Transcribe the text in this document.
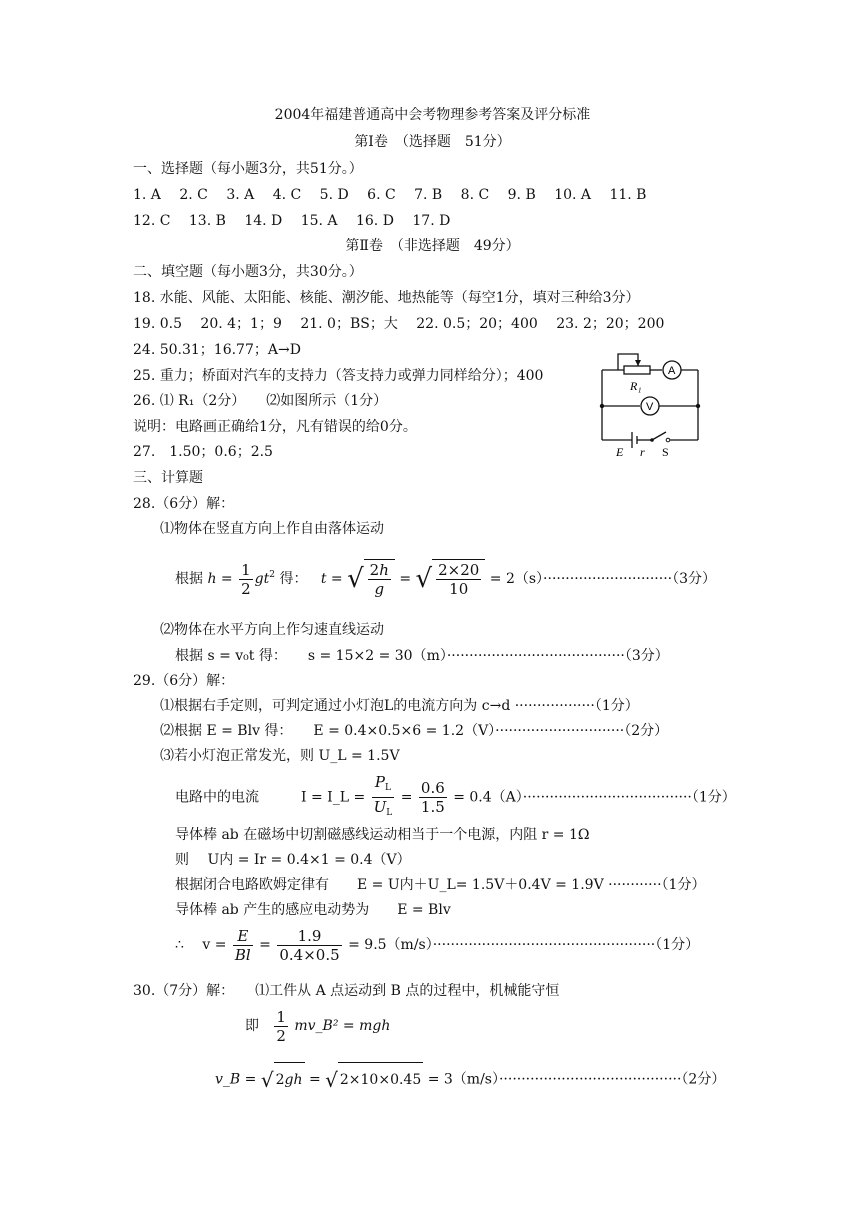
2004年福建普通高中会考物理参考答案及评分标准
第Ⅰ卷　（选择题　51分）
一、选择题（每小题3分，共51分。）
1. A　 2. C　 3. A　 4. C　 5. D　 6. C　 7. B　 8. C　 9. B　 10. A　 11. B
12. C　 13. B　 14. D　 15. A　 16. D　 17. D
第Ⅱ卷　（非选择题　49分）
二、填空题（每小题3分，共30分。）
18. 水能、风能、太阳能、核能、潮汐能、地热能等（每空1分，填对三种给3分）
19. 0.5　 20. 4；1；9　 21. 0；BS；大　 22. 0.5；20；400　 23. 2；20；200
24. 50.31；16.77；A→D
25. 重力；桥面对汽车的支持力（答支持力或弹力同样给分）；400
26. ⑴ R₁（2分）　　⑵如图所示（1分）
说明：电路画正确给1分，凡有错误的给0分。
27.　1.50；0.6；2.5
三、计算题
R₁
A
V
E r S
28.（6分）解：
⑴物体在竖直方向上作自由落体运动
根据 $h = \frac{1}{2} gt^2$ 得： t = √ $\frac{2h}{g}$ = √ $\frac{2\times 20}{10} = 2(s)\cdot\cdot\cdot\cdot\cdot\cdot\cdot\cdot\cdot\cdot\cdot\cdot\cdot\cdot\cdot\cdot\cdot\cdot\cdot\cdot\cdot\cdot\cdot\cdot\cdot\cdot\cdot\cdot\cdot(3$分）
⑵物体在水平方向上作匀速直线运动
根据 s = v₀t 得：　　s = 15×2 = 30（m）········································（3分）
29.（6分）解：
⑴根据右手定则，可判定通过小灯泡L的电流方向为 c→d ··················（1分）
⑵根据 E = Blv 得：　　E = 0.4×0.5×6 = 1.2（V）·····························（2分）
⑶若小灯泡正常发光，则 U_L = 1.5V
电路中的电流　　　I = I_L = $\frac{P_L}{U_L} = \frac{0.6}{1.5} = 0.4(A)\cdot\cdot\cdot\cdot\cdot\cdot\cdot\cdot\cdot\cdot\cdot\cdot\cdot\cdot\cdot\cdot\cdot\cdot\cdot\cdot\cdot\cdot\cdot\cdot\cdot\cdot\cdot\cdot\cdot\cdot\cdot\cdot\cdot\cdot\cdot\cdot\cdot\cdot(1$分）
导体棒 ab 在磁场中切割磁感线运动相当于一个电源，内阻 r = 1Ω
则　 U内 = Ir = 0.4×1 = 0.4（V）
根据闭合电路欧姆定律有　　E = U内＋U_L= 1.5V＋0.4V = 1.9V ············（1分）
导体棒 ab 产生的感应电动势为　　E = Blv
∴　 $v = \frac{E}{Bl} = \frac{1.9}{0.4\times 0.5} = 9.5(m/s)\cdot\cdot\cdot\cdot\cdot\cdot\cdot\cdot\cdot\cdot\cdot\cdot\cdot\cdot\cdot\cdot\cdot\cdot\cdot\cdot\cdot\cdot\cdot\cdot\cdot\cdot\cdot\cdot\cdot\cdot\cdot\cdot\cdot\cdot\cdot\cdot\cdot\cdot\cdot\cdot\cdot\cdot\cdot\cdot\cdot\cdot\cdot\cdot\cdot\cdot(1$分）
30.（7分）解：　　⑴工件从 A 点运动到 B 点的过程中，机械能守恒
即 $\frac{1}{2}$ mv_B² = mgh
v_B = √ 2gh = √ 2×10×0.45 = 3（m/s）·········································（2分）
